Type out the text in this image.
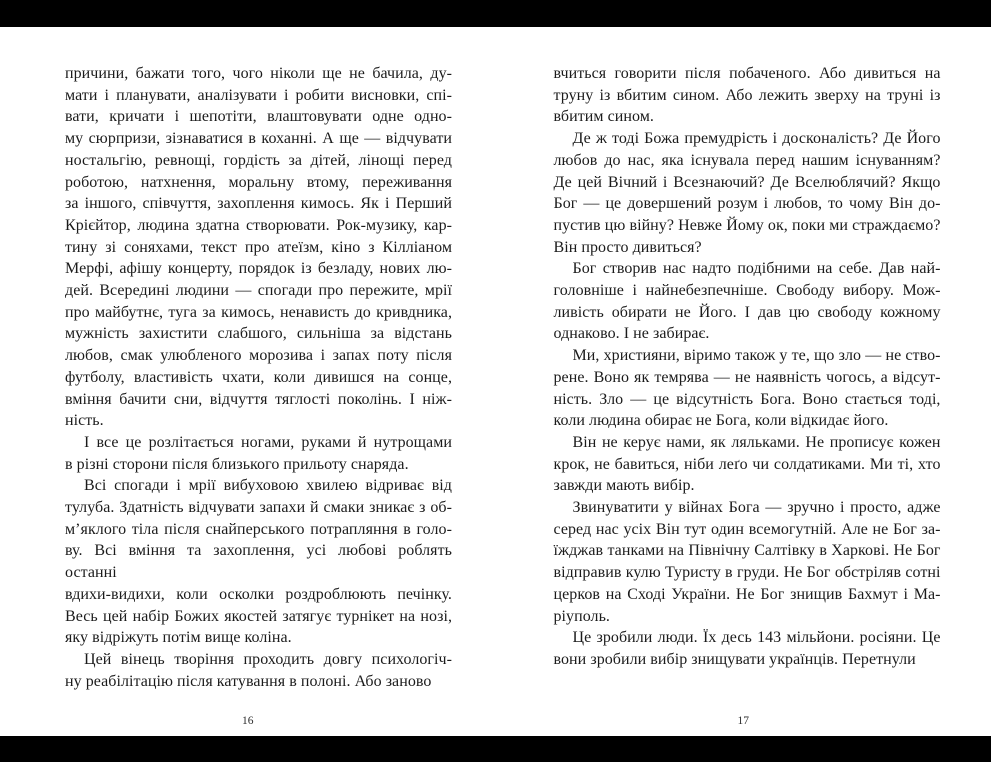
причини, бажати того, чого ніколи ще не бачила, ду-
мати і планувати, аналізувати і робити висновки, спі-
вати, кричати і шепотіти, влаштовувати одне одно-
му сюрпризи, зізнаватися в коханні. А ще — відчувати
ностальгію, ревнощі, гордість за дітей, лінощі перед
роботою, натхнення, моральну втому, переживання
за іншого, співчуття, захоплення кимось. Як і Перший
Крієйтор, людина здатна створювати. Рок-музику, кар-
тину зі соняхами, текст про атеїзм, кіно з Кілліаном
Мерфі, афішу концерту, порядок із безладу, нових лю-
дей. Всередині людини — спогади про пережите, мрії
про майбутнє, туга за кимось, ненависть до кривдника,
мужність захистити слабшого, сильніша за відстань
любов, смак улюбленого морозива і запах поту після
футболу, властивість чхати, коли дивишся на сонце,
вміння бачити сни, відчуття тяглості поколінь. І ніж-
ність.
І все це розлітається ногами, руками й нутрощами
в різні сторони після близького прильоту снаряда.
Всі спогади і мрії вибуховою хвилею відриває від
тулуба. Здатність відчувати запахи й смаки зникає з об-
м’яклого тіла після снайперського потрапляння в голо-
ву. Всі вміння та захоплення, усі любові роблять останні
вдихи-видихи, коли осколки роздроблюють печінку.
Весь цей набір Божих якостей затягує турнікет на нозі,
яку відріжуть потім вище коліна.
Цей вінець творіння проходить довгу психологіч-
ну реабілітацію після катування в полоні. Або заново
16
вчиться говорити після побаченого. Або дивиться на
труну із вбитим сином. Або лежить зверху на труні із
вбитим сином.
Де ж тоді Божа премудрість і досконалість? Де Його
любов до нас, яка існувала перед нашим існуванням?
Де цей Вічний і Всезнаючий? Де Вселюблячий? Якщо
Бог — це довершений розум і любов, то чому Він до-
пустив цю війну? Невже Йому ок, поки ми страждаємо?
Він просто дивиться?
Бог створив нас надто подібними на себе. Дав най-
головніше і найнебезпечніше. Свободу вибору. Мож-
ливість обирати не Його. І дав цю свободу кожному
однаково. І не забирає.
Ми, християни, віримо також у те, що зло — не ство-
рене. Воно як темрява — не наявність чогось, а відсут-
ність. Зло — це відсутність Бога. Воно стається тоді,
коли людина обирає не Бога, коли відкидає його.
Він не керує нами, як ляльками. Не прописує кожен
крок, не бавиться, ніби леґо чи солдатиками. Ми ті, хто
завжди мають вибір.
Звинуватити у війнах Бога — зручно і просто, адже
серед нас усіх Він тут один всемогутній. Але не Бог за-
їжджав танками на Північну Салтівку в Харкові. Не Бог
відправив кулю Туристу в груди. Не Бог обстріляв сотні
церков на Сході України. Не Бог знищив Бахмут і Ма-
ріуполь.
Це зробили люди. Їх десь 143 мільйони. росіяни. Це
вони зробили вибір знищувати українців. Перетнули
17
